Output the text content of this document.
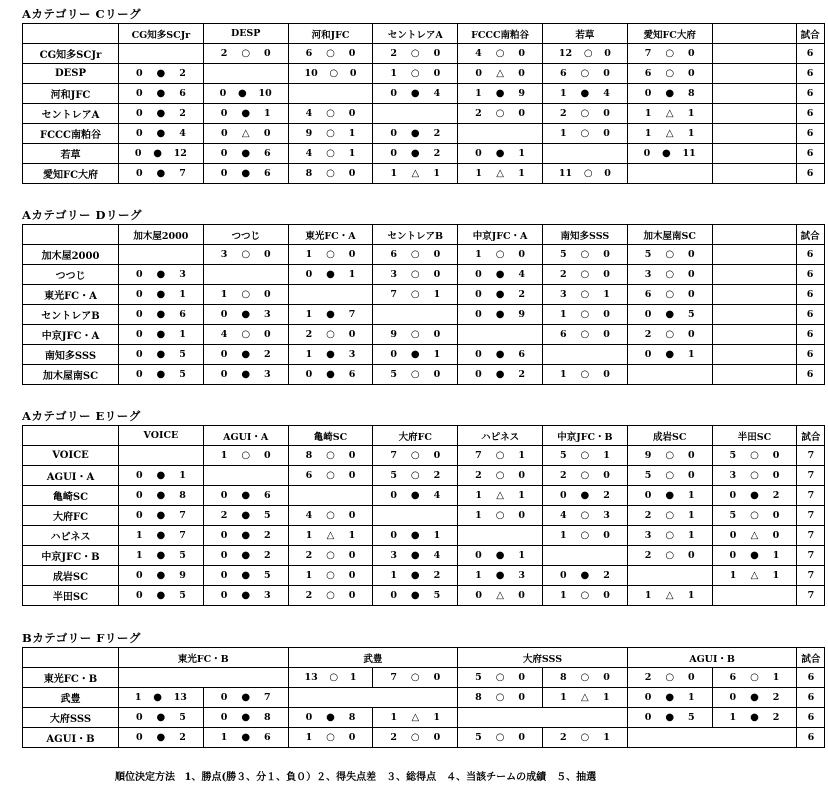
Aカテゴリー Cリーグ
	CG知多SCJr	DESP	河和JFC	セントレアA	FCCC南粕谷	若草	愛知FC大府		試合
CG知多SCJr		2 ○ 0	6 ○ 0	2 ○ 0	4 ○ 0	12 ○ 0	7 ○ 0		6
DESP	0 ● 2		10 ○ 0	1 ○ 0	0 △ 0	6 ○ 0	6 ○ 0		6
河和JFC	0 ● 6	0 ● 10		0 ● 4	1 ● 9	1 ● 4	0 ● 8		6
セントレアA	0 ● 2	0 ● 1	4 ○ 0		2 ○ 0	2 ○ 0	1 △ 1		6
FCCC南粕谷	0 ● 4	0 △ 0	9 ○ 1	0 ● 2		1 ○ 0	1 △ 1		6
若草	0 ● 12	0 ● 6	4 ○ 1	0 ● 2	0 ● 1		0 ● 11		6
愛知FC大府	0 ● 7	0 ● 6	8 ○ 0	1 △ 1	1 △ 1	11 ○ 0			6
Aカテゴリー Dリーグ
	加木屋2000	つつじ	東光FC・A	セントレアB	中京JFC・A	南知多SSS	加木屋南SC		試合
加木屋2000		3 ○ 0	1 ○ 0	6 ○ 0	1 ○ 0	5 ○ 0	5 ○ 0		6
つつじ	0 ● 3		0 ● 1	3 ○ 0	0 ● 4	2 ○ 0	3 ○ 0		6
東光FC・A	0 ● 1	1 ○ 0		7 ○ 1	0 ● 2	3 ○ 1	6 ○ 0		6
セントレアB	0 ● 6	0 ● 3	1 ● 7		0 ● 9	1 ○ 0	0 ● 5		6
中京JFC・A	0 ● 1	4 ○ 0	2 ○ 0	9 ○ 0		6 ○ 0	2 ○ 0		6
南知多SSS	0 ● 5	0 ● 2	1 ● 3	0 ● 1	0 ● 6		0 ● 1		6
加木屋南SC	0 ● 5	0 ● 3	0 ● 6	5 ○ 0	0 ● 2	1 ○ 0			6
Aカテゴリー Eリーグ
	VOICE	AGUI・A	亀崎SC	大府FC	ハピネス	中京JFC・B	成岩SC	半田SC	試合
VOICE		1 ○ 0	8 ○ 0	7 ○ 0	7 ○ 1	5 ○ 1	9 ○ 0	5 ○ 0	7
AGUI・A	0 ● 1		6 ○ 0	5 ○ 2	2 ○ 0	2 ○ 0	5 ○ 0	3 ○ 0	7
亀崎SC	0 ● 8	0 ● 6		0 ● 4	1 △ 1	0 ● 2	0 ● 1	0 ● 2	7
大府FC	0 ● 7	2 ● 5	4 ○ 0		1 ○ 0	4 ○ 3	2 ○ 1	5 ○ 0	7
ハピネス	1 ● 7	0 ● 2	1 △ 1	0 ● 1		1 ○ 0	3 ○ 1	0 △ 0	7
中京JFC・B	1 ● 5	0 ● 2	2 ○ 0	3 ● 4	0 ● 1		2 ○ 0	0 ● 1	7
成岩SC	0 ● 9	0 ● 5	1 ○ 0	1 ● 2	1 ● 3	0 ● 2		1 △ 1	7
半田SC	0 ● 5	0 ● 3	2 ○ 0	0 ● 5	0 △ 0	1 ○ 0	1 △ 1		7
Bカテゴリー Fリーグ
	東光FC・B		武豊		大府SSS		AGUI・B		試合
東光FC・B			13 ○ 1	7 ○ 0	5 ○ 0	8 ○ 0	2 ○ 0	6 ○ 1	6
武豊	1 ● 13	0 ● 7			8 ○ 0	1 △ 1	0 ● 1	0 ● 2	6
大府SSS	0 ● 5	0 ● 8	0 ● 8	1 △ 1			0 ● 5	1 ● 2	6
AGUI・B	0 ● 2	1 ● 6	1 ○ 0	2 ○ 0	5 ○ 0	2 ○ 1			6
順位決定方法 1、勝点(勝３、分１、負０）２、得失点差　３、総得点　４、当該チームの成績　５、抽選
